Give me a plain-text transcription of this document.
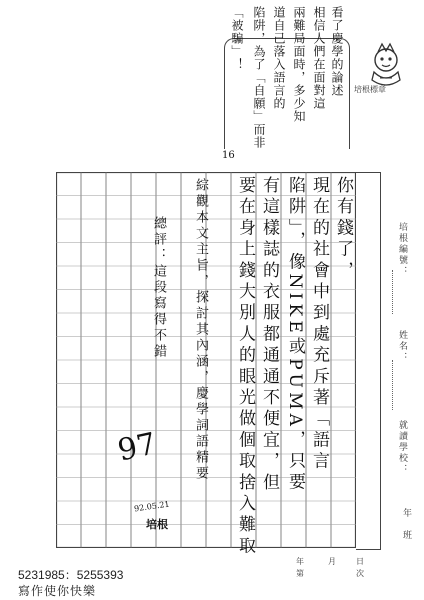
看了慶學的論述
相信人們在面對這
兩難局面時，多少知
道自己落入語言的
陷阱，為了「自願」而非
「被騙」！
培根標章
16
你有錢了，
現在的社會中到處充斥著「語言
陷阱」，像NIKE或PUMA，只要
有這樣誌的衣服都通通不便宜，但
要在身上錢大別人的眼光做個取捨入難取
綜觀本文主旨，探討其內涵，慶學詞語精要
總評：這段寫得不錯
97
92.05.21
培根
培根編號：
姓名：
就讀學校：
年
班
年	月	日
第	次
5231985：5255393
寫作使你快樂
